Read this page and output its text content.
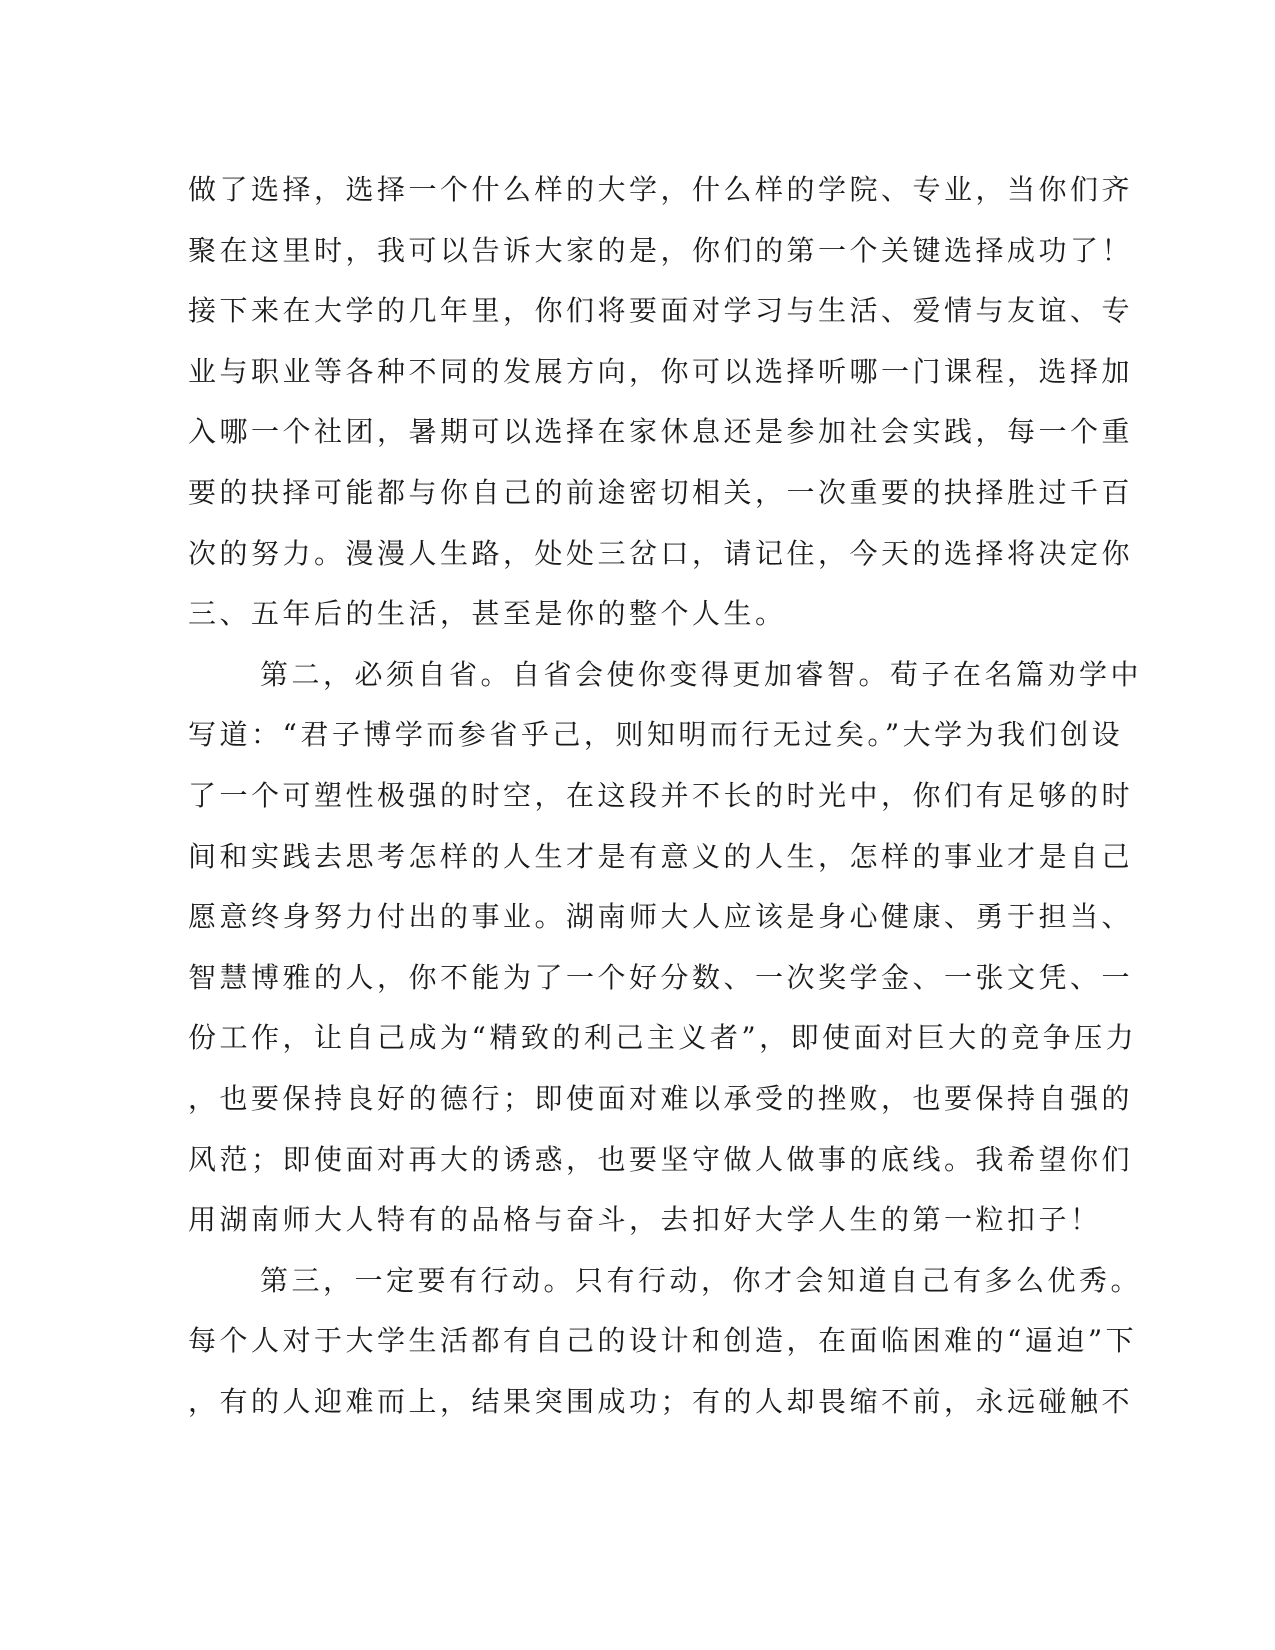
做了选择，选择一个什么样的大学，什么样的学院、专业，当你们齐
聚在这里时，我可以告诉大家的是，你们的第一个关键选择成功了！
接下来在大学的几年里，你们将要面对学习与生活、爱情与友谊、专
业与职业等各种不同的发展方向，你可以选择听哪一门课程，选择加
入哪一个社团，暑期可以选择在家休息还是参加社会实践，每一个重
要的抉择可能都与你自己的前途密切相关，一次重要的抉择胜过千百
次的努力。漫漫人生路，处处三岔口，请记住，今天的选择将决定你
三、五年后的生活，甚至是你的整个人生。
第二，必须自省。自省会使你变得更加睿智。荀子在名篇劝学中
写道：“君子博学而参省乎己，则知明而行无过矣。”大学为我们创设
了一个可塑性极强的时空，在这段并不长的时光中，你们有足够的时
间和实践去思考怎样的人生才是有意义的人生，怎样的事业才是自己
愿意终身努力付出的事业。湖南师大人应该是身心健康、勇于担当、
智慧博雅的人，你不能为了一个好分数、一次奖学金、一张文凭、一
份工作，让自己成为“精致的利己主义者”，即使面对巨大的竞争压力
，也要保持良好的德行；即使面对难以承受的挫败，也要保持自强的
风范；即使面对再大的诱惑，也要坚守做人做事的底线。我希望你们
用湖南师大人特有的品格与奋斗，去扣好大学人生的第一粒扣子！
第三，一定要有行动。只有行动，你才会知道自己有多么优秀。
每个人对于大学生活都有自己的设计和创造，在面临困难的“逼迫”下
，有的人迎难而上，结果突围成功；有的人却畏缩不前，永远碰触不
